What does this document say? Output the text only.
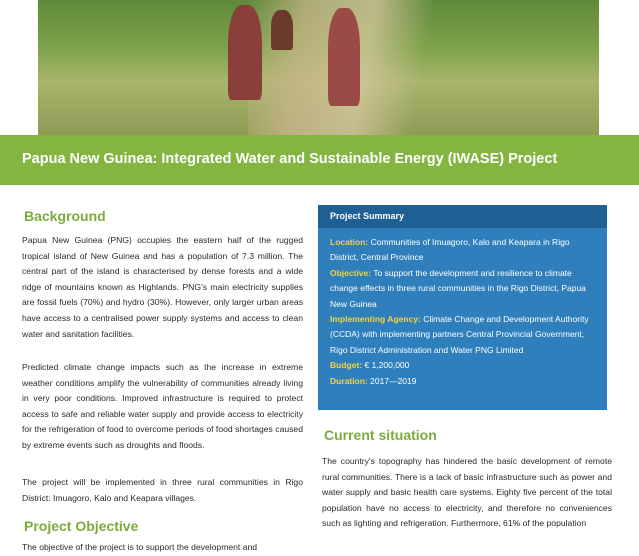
Papua New Guinea: Integrated Water and Sustainable Energy (IWASE) Project
Background

Papua New Guinea (PNG) occupies the eastern half of the rugged tropical island of New Guinea and has a population of 7.3 million. The central part of the island is characterised by dense forests and a wide ridge of mountains known as Highlands. PNG's main electricity supplies are fossil fuels (70%) and hydro (30%). However, only larger urban areas have access to a centralised power supply systems and access to clean water and sanitation facilities.

Predicted climate change impacts such as the increase in extreme weather conditions amplify the vulnerability of communities already living in very poor conditions. Improved infrastructure is required to protect access to safe and reliable water supply and provide access to electricity for the refrigeration of food to overcome periods of food shortages caused by extreme events such as droughts and floods.

The project will be implemented in three rural communities in Rigo District: Imuagoro, Kalo and Keapara villages.

Project Objective

The objective of the project is to support the development and

Project Summary
Location: Communities of Imuagoro, Kalo and Keapara in Rigo District, Central Province
Objective: To support the development and resilience to climate change effects in three rural communities in the Rigo District, Papua New Guinea
Implementing Agency: Climate Change and Development Authority (CCDA) with implementing partners Central Provincial Government, Rigo District Administration and Water PNG Limited
Budget: € 1,200,000
Duration: 2017—2019
Current situation

The country's topography has hindered the basic development of remote rural communities. There is a lack of basic infrastructure such as power and water supply and basic health care systems. Eighty five percent of the total population have no access to electricity, and therefore no conveniences such as lighting and refrigeration. Furthermore, 61% of the population
